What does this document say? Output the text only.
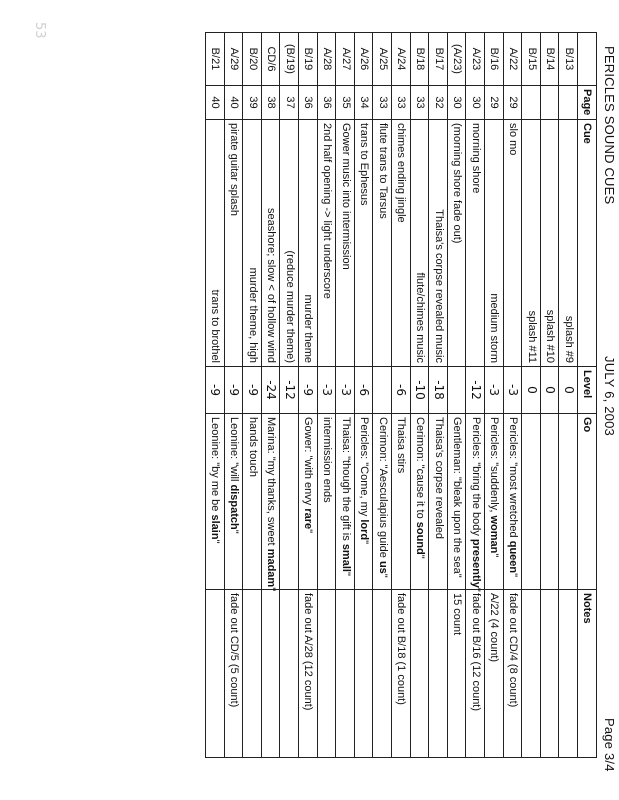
PERICLES SOUND CUES
JULY 6, 2003
Page 3/4
	Page	Cue	Level	Go	Notes
B/13		splash #9	0		
B/14		splash #10	0		
B/15		splash #11	0		
A/22	29	slo mo	-3	Pericles: "most wretched queen"	fade out CD/4 (8 count)
B/16	29	medium storm	-3	Pericles: "suddenly, woman"	A/22 (4 count)
A/23	30	morning shore	-12	Pericles: "bring the body presently"	fade out B/16 (12 count)
(A/23)	30	(morning shore fade out)		Gentleman: "bleak upon the sea"	15 count
B/17	32	Thaisa's corpse revealed music	-18	Thaisa's corpse revealed	
B/18	33	flute/chimes music	-10	Cerimon: "cause it to sound"	
A/24	33	chimes ending jingle	-6	Thaisa stirs	fade out B/18 (1 count)
A/25	33	flute trans to Tarsus		Cerimon: "Aesculapius guide us"	
A/26	34	trans to Ephesus	-6	Pericles: "Come, my lord"	
A/27	35	Gower music into intermission	-3	Thaisa: "though the gift is small"	
A/28	36	2nd half opening -> light underscore	-3	intermission ends	
B/19	36	murder theme	-9	Gower: "with envy rare"	fade out A/28 (12 count)
(B/19)	37	(reduce murder theme)	-12		
CD/6	38	seashore; slow < of hollow wind	-24	Marina: "my thanks, sweet madam"	
B/20	39	murder theme, high	-9	hands touch	
A/29	40	pirate guitar splash	-9	Leonine: "will dispatch"	fade out CD/5 (5 count)
B/21	40	trans to brothel	-9	Leonine: "by me be slain"	
53
